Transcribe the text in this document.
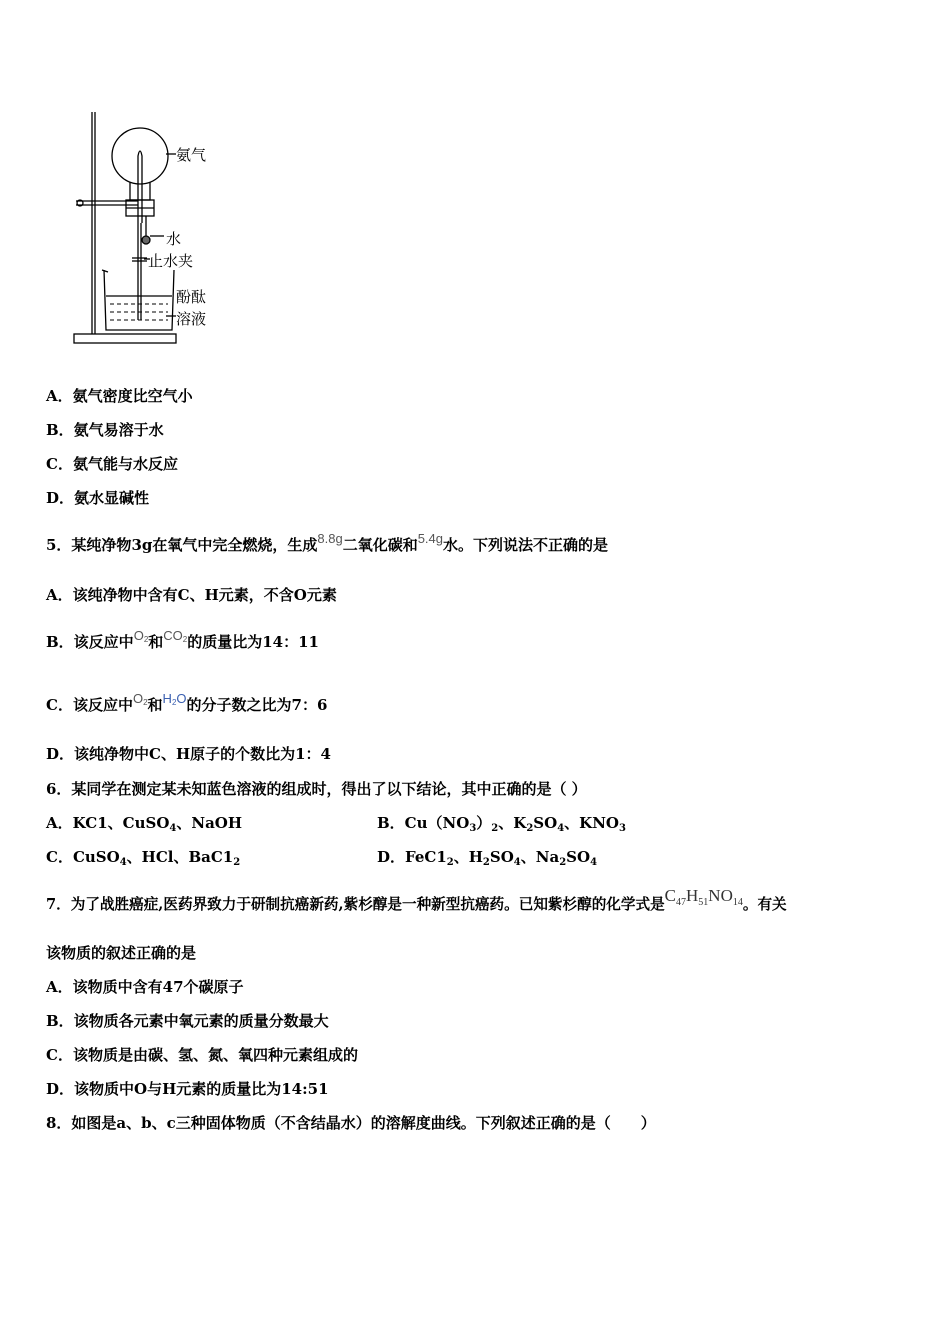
氨气
水
止水夹
酚酞
溶液
A．氨气密度比空气小
B．氨气易溶于水
C．氨气能与水反应
D．氨水显碱性
5．某纯净物3g在氧气中完全燃烧，生成8.8g二氧化碳和5.4g水。下列说法不正确的是
A．该纯净物中含有C、H元素，不含O元素
B．该反应中$O_2$和$CO_2$的质量比为14：11
C．该反应中$O_2$和$H_2O$的分子数之比为7：6
D．该纯净物中C、H原子的个数比为1：4
6．某同学在测定某未知蓝色溶液的组成时，得出了以下结论，其中正确的是（ ）
A．KC1、CuSO$_4$、NaOH	B．$Cu(NO_3)_2$、$K_2SO_4$、$KNO_3$
C．CuSO$_4$、HCl、$BaC1_2$	D．$FeC1_2$、$H_2SO_4$、$Na_2SO_4$
7．为了战胜癌症,医药界致力于研制抗癌新药,紫杉醇是一种新型抗癌药。已知紫杉醇的化学式是$C_{47}H_{51}NO_{14}$。有关
该物质的叙述正确的是
A．该物质中含有47个碳原子
B．该物质各元素中氧元素的质量分数最大
C．该物质是由碳、氢、氮、氧四种元素组成的
D．该物质中O与H元素的质量比为14:51
8．如图是a、b、c三种固体物质（不含结晶水）的溶解度曲线。下列叙述正确的是（　　）
